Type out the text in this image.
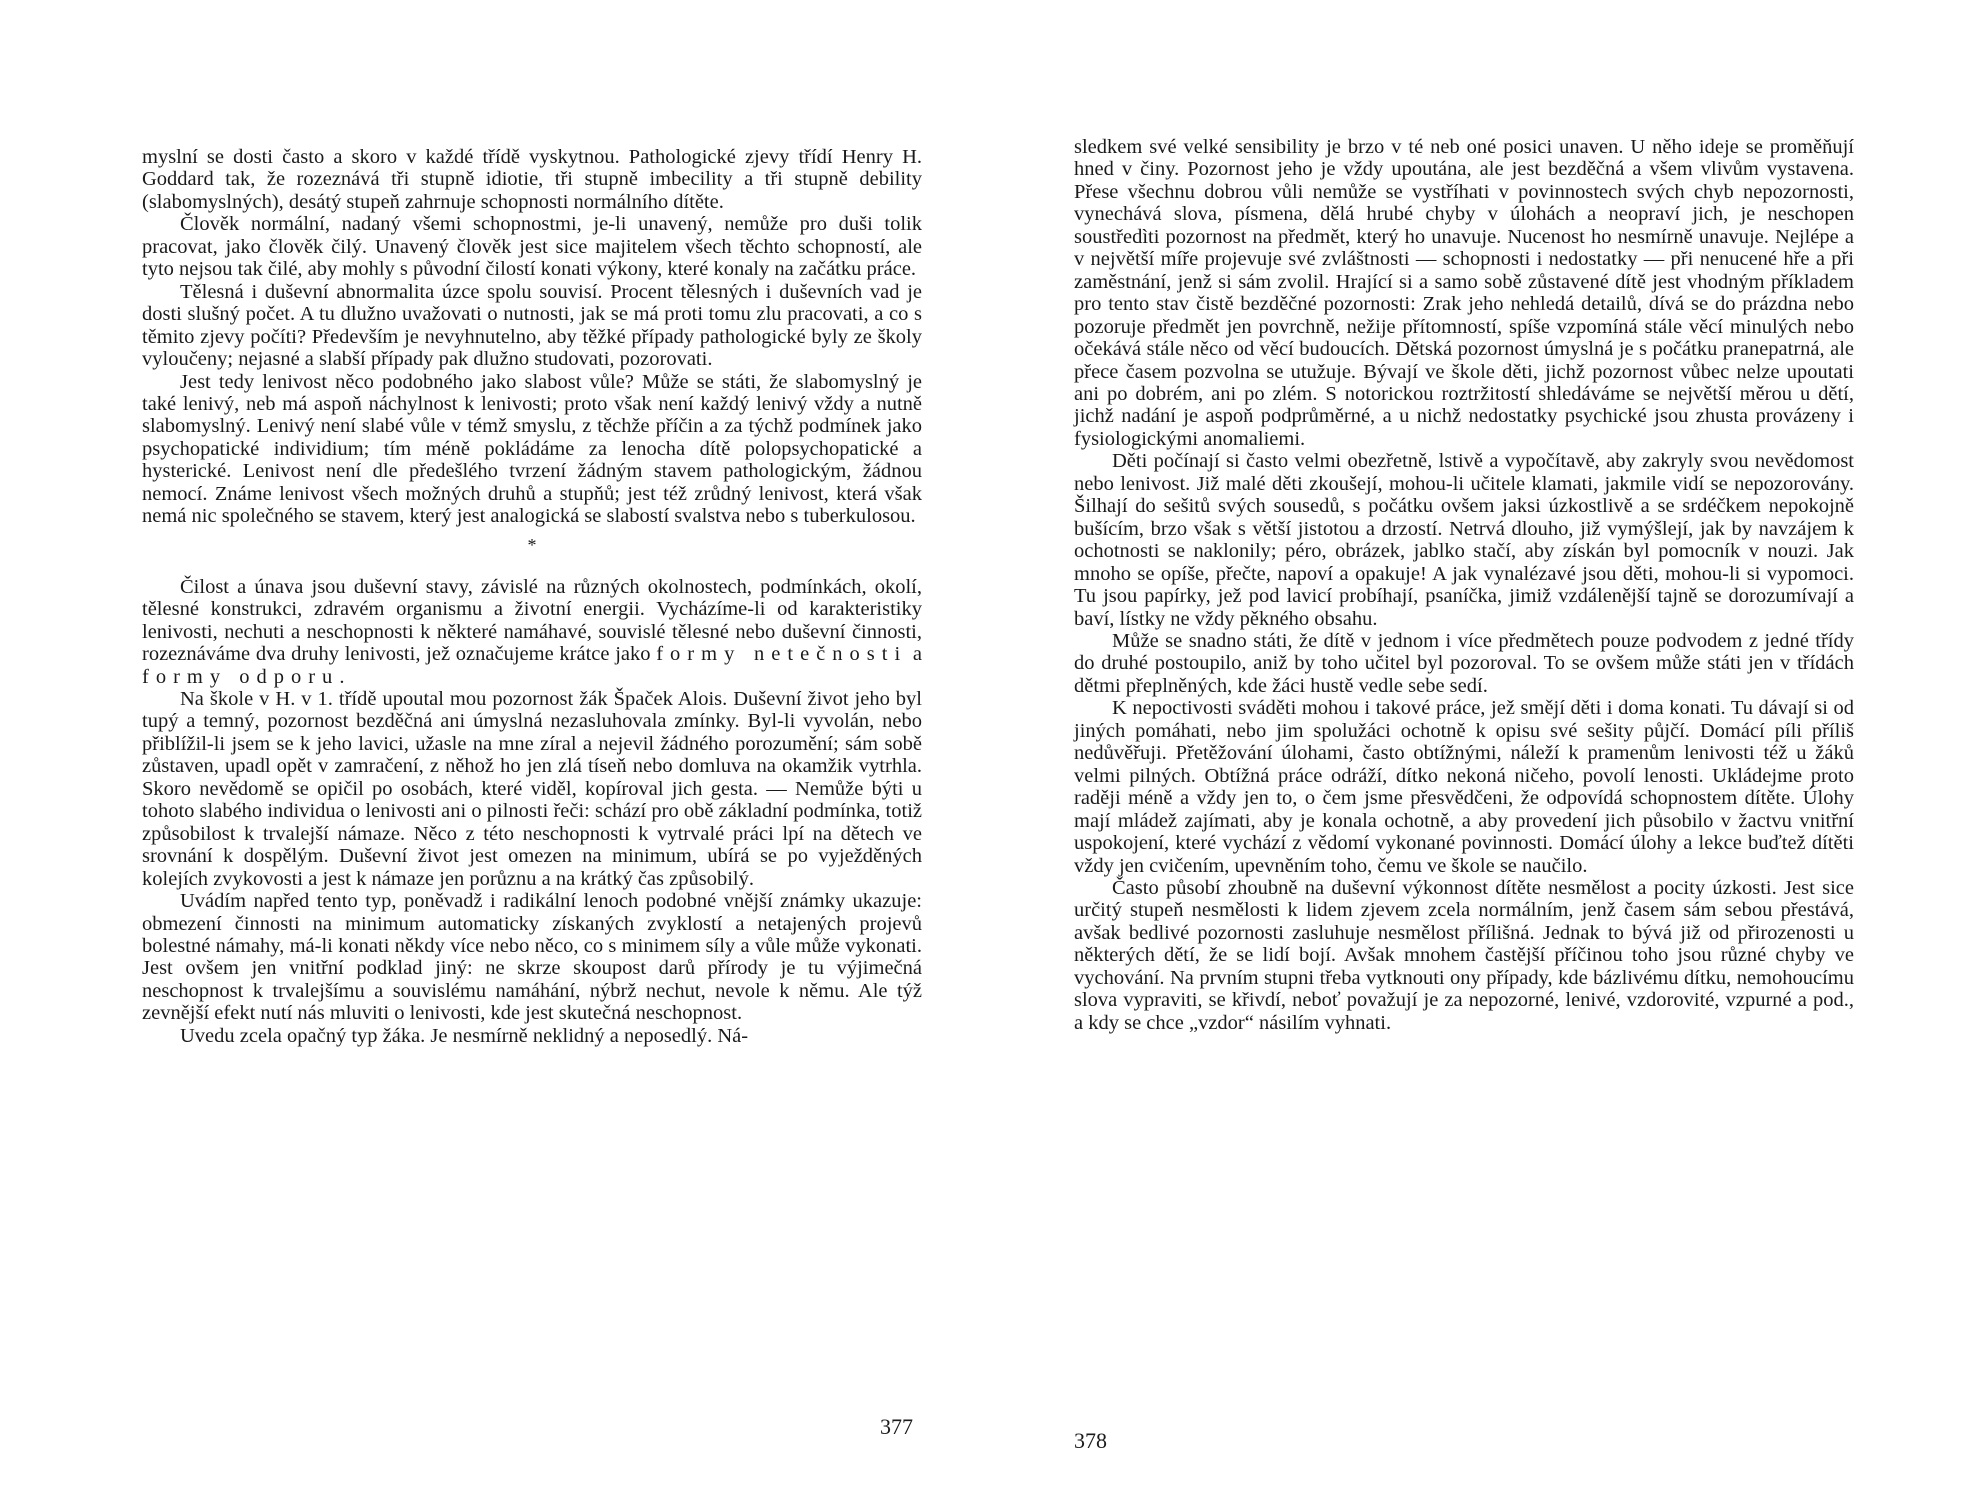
myslní se dosti často a skoro v každé třídě vyskytnou. Pathologické zjevy třídí Henry H. Goddard tak, že rozeznává tři stupně idiotie, tři stupně imbecility a tři stupně debility (slabomyslných), desátý stupeň zahrnuje schopnosti normálního dítěte.

Člověk normální, nadaný všemi schopnostmi, je-li unavený, nemůže pro duši tolik pracovat, jako člověk čilý. Unavený člověk jest sice majitelem všech těchto schopností, ale tyto nejsou tak čilé, aby mohly s původní čilostí konati výkony, které konaly na začátku práce.

Tělesná i duševní abnormalita úzce spolu souvisí. Procent tělesných i duševních vad je dosti slušný počet. A tu dlužno uvažovati o nutnosti, jak se má proti tomu zlu pracovati, a co s těmito zjevy počíti? Především je nevyhnutelno, aby těžké případy pathologické byly ze školy vyloučeny; nejasné a slabší případy pak dlužno studovati, pozorovati.

Jest tedy lenivost něco podobného jako slabost vůle? Může se státi, že slabomyslný je také lenivý, neb má aspoň náchylnost k lenivosti; proto však není každý lenivý vždy a nutně slabomyslný. Lenivý není slabé vůle v témž smyslu, z těchže příčin a za týchž podmínek jako psychopatické individium; tím méně pokládáme za lenocha dítě polopsychopatické a hysterické. Lenivost není dle předešlého tvrzení žádným stavem pathologickým, žádnou nemocí. Známe lenivost všech možných druhů a stupňů; jest též zrůdný lenivost, která však nemá nic společného se stavem, který jest analogická se slabostí svalstva nebo s tuberkulosou.

*

Čilost a únava jsou duševní stavy, závislé na různých okolnostech, podmínkách, okolí, tělesné konstrukci, zdravém organismu a životní energii. Vycházíme-li od karakteristiky lenivosti, nechuti a neschopnosti k některé namáhavé, souvislé tělesné nebo duševní činnosti, rozeznáváme dva druhy lenivosti, jež označujeme krátce jako formy netečnosti a formy odporu.

Na škole v H. v 1. třídě upoutal mou pozornost žák Špaček Alois. Duševní život jeho byl tupý a temný, pozornost bezděčná ani úmyslná nezasluhovala zmínky. Byl-li vyvolán, nebo přiblížil-li jsem se k jeho lavici, užasle na mne zíral a nejevil žádného porozumění; sám sobě zůstaven, upadl opět v zamračení, z něhož ho jen zlá tíseň nebo domluva na okamžik vytrhla. Skoro nevědomě se opičil po osobách, které viděl, kopíroval jich gesta. — Nemůže býti u tohoto slabého individua o lenivosti ani o pilnosti řeči: schází pro obě základní podmínka, totiž způsobilost k trvalejší námaze. Něco z této neschopnosti k vytrvalé práci lpí na dětech ve srovnání k dospělým. Duševní život jest omezen na minimum, ubírá se po vyježděných kolejích zvykovosti a jest k námaze jen porůznu a na krátký čas způsobilý.

Uvádím napřed tento typ, poněvadž i radikální lenoch podobné vnější známky ukazuje: obmezení činnosti na minimum automaticky získaných zvyklostí a netajených projevů bolestné námahy, má-li konati někdy více nebo něco, co s minimem síly a vůle může vykonati. Jest ovšem jen vnitřní podklad jiný: ne skrze skoupost darů přírody je tu výjimečná neschopnost k trvalejšímu a souvislému namáhání, nýbrž nechut, nevole k němu. Ale týž zevnější efekt nutí nás mluviti o lenivosti, kde jest skutečná neschopnost.

Uvedu zcela opačný typ žáka. Je nesmírně neklidný a neposedlý. Ná-

377

sledkem své velké sensibility je brzo v té neb oné posici unaven. U něho ideje se proměňují hned v činy. Pozornost jeho je vždy upoutána, ale jest bezděčná a všem vlivům vystavena. Přese všechnu dobrou vůli nemůže se vystříhati v povinnostech svých chyb nepozornosti, vynechává slova, písmena, dělá hrubé chyby v úlohách a neopraví jich, je neschopen soustředìti pozornost na předmět, který ho unavuje. Nucenost ho nesmírně unavuje. Nejlépe a v největší míře projevuje své zvláštnosti — schopnosti i nedostatky — při nenucené hře a při zaměstnání, jenž si sám zvolil. Hrající si a samo sobě zůstavené dítě jest vhodným příkladem pro tento stav čistě bezděčné pozornosti: Zrak jeho nehledá detailů, dívá se do prázdna nebo pozoruje předmět jen povrchně, nežije přítomností, spíše vzpomíná stále věcí minulých nebo očekává stále něco od věcí budoucích. Dětská pozornost úmyslná je s počátku pranepatrná, ale přece časem pozvolna se utužuje. Bývají ve škole děti, jichž pozornost vůbec nelze upoutati ani po dobrém, ani po zlém. S notorickou roztržitostí shledáváme se největší měrou u dětí, jichž nadání je aspoň podprůměrné, a u nichž nedostatky psychické jsou zhusta provázeny i fysiologickými anomaliemi.

Děti počínají si často velmi obezřetně, lstivě a vypočítavě, aby zakryly svou nevědomost nebo lenivost. Již malé děti zkoušejí, mohou-li učitele klamati, jakmile vidí se nepozorovány. Šilhají do sešitů svých sousedů, s počátku ovšem jaksi úzkostlivě a se srdéčkem nepokojně bušícím, brzo však s větší jistotou a drzostí. Netrvá dlouho, již vymýšlejí, jak by navzájem k ochotnosti se naklonily; péro, obrázek, jablko stačí, aby získán byl pomocník v nouzi. Jak mnoho se opíše, přečte, napoví a opakuje! A jak vynalézavé jsou děti, mohou-li si vypomoci. Tu jsou papírky, jež pod lavicí probíhají, psaníčka, jimiž vzdálenější tajně se dorozumívají a baví, lístky ne vždy pěkného obsahu.

Může se snadno státi, že dítě v jednom i více předmětech pouze podvodem z jedné třídy do druhé postoupilo, aniž by toho učitel byl pozoroval. To se ovšem může státi jen v třídách dětmi přeplněných, kde žáci hustě vedle sebe sedí.

K nepoctivosti sváděti mohou i takové práce, jež smějí děti i doma konati. Tu dávají si od jiných pomáhati, nebo jim spolužáci ochotně k opisu své sešity půjčí. Domácí píli příliš nedůvěřuji. Přetěžování úlohami, často obtížnými, náleží k pramenům lenivosti též u žáků velmi pilných. Obtížná práce odráží, dítko nekoná ničeho, povolí lenosti. Ukládejme proto raději méně a vždy jen to, o čem jsme přesvědčeni, že odpovídá schopnostem dítěte. Úlohy mají mládež zajímati, aby je konala ochotně, a aby provedení jich působilo v žactvu vnitřní uspokojení, které vychází z vědomí vykonané povinnosti. Domácí úlohy a lekce buďtež dítěti vždy jen cvičením, upevněním toho, čemu ve škole se naučilo.

Často působí zhoubně na duševní výkonnost dítěte nesmělost a pocity úzkosti. Jest sice určitý stupeň nesmělosti k lidem zjevem zcela normálním, jenž časem sám sebou přestává, avšak bedlivé pozornosti zasluhuje nesmělost přílišná. Jednak to bývá již od přirozenosti u některých dětí, že se lidí bojí. Avšak mnohem častější příčinou toho jsou různé chyby ve vychování. Na prvním stupni třeba vytknouti ony případy, kde bázlivému dítku, nemohoucímu slova vypraviti, se křivdí, neboť považují je za nepozorné, lenivé, vzdorovité, vzpurné a pod., a kdy se chce „vzdor“ násilím vyhnati.

378
